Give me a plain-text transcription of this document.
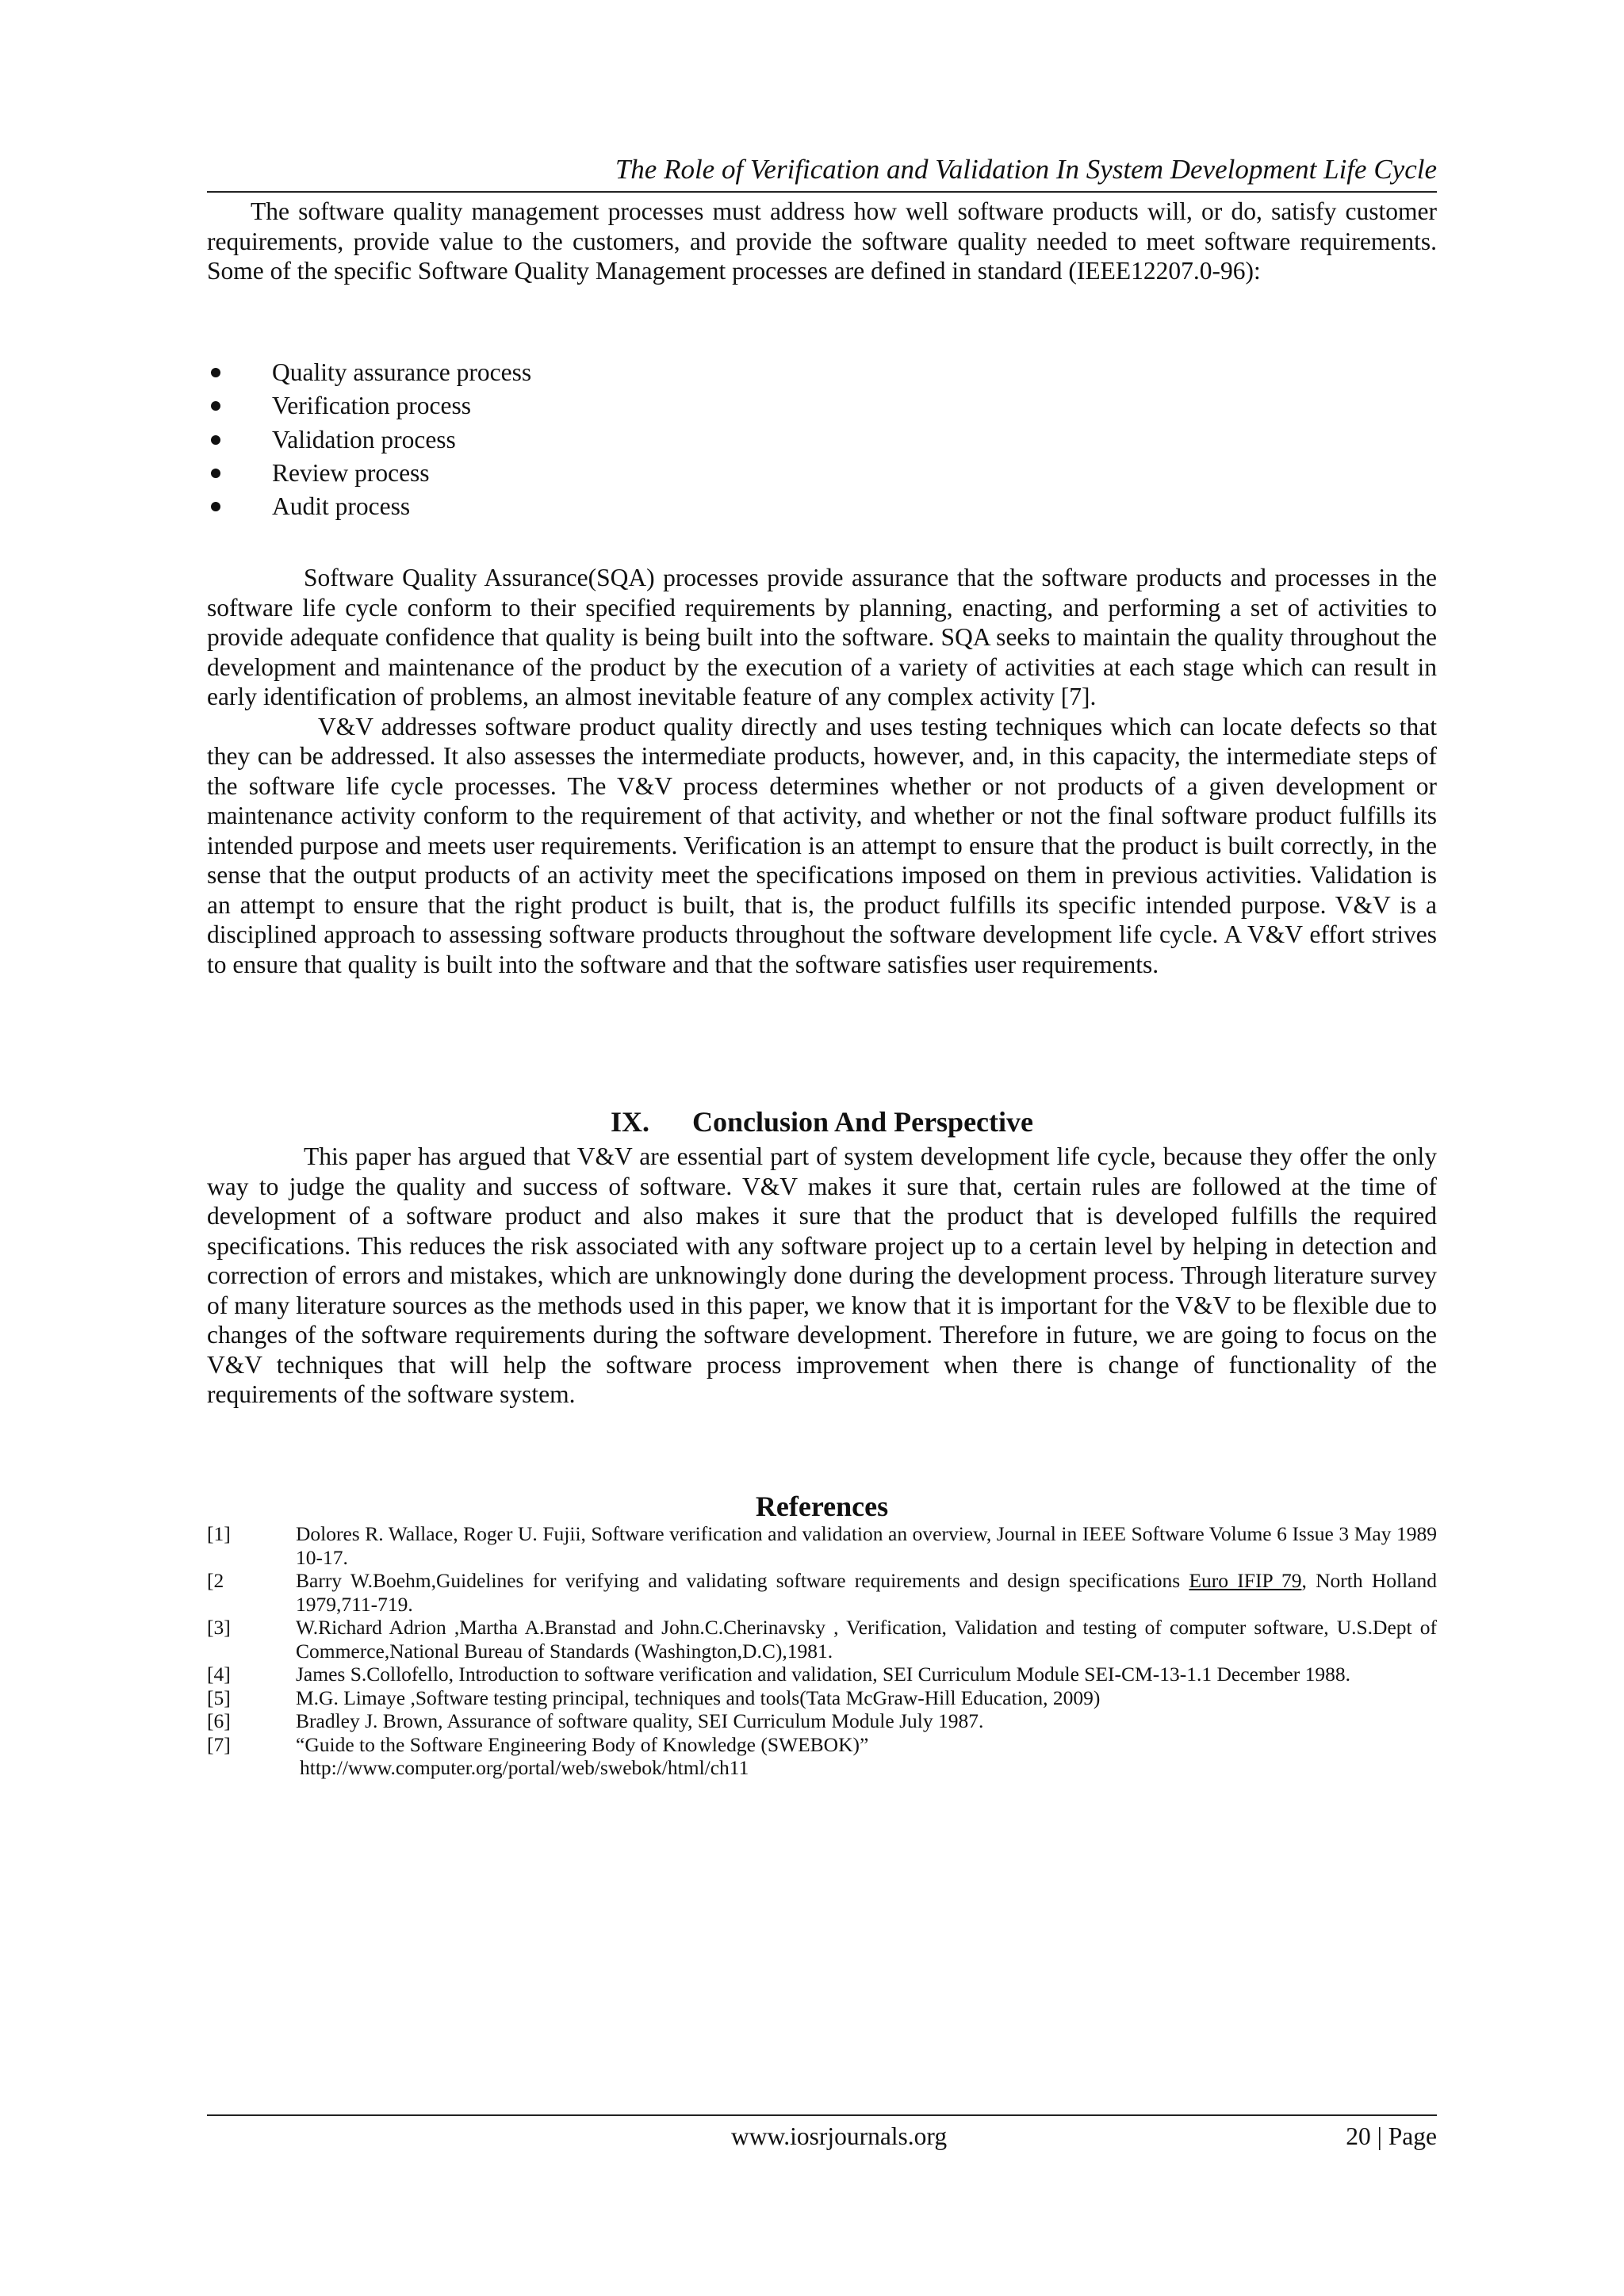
The Role of Verification and Validation In System Development Life Cycle

The software quality management processes must address how well software products will, or do, satisfy customer requirements, provide value to the customers, and provide the software quality needed to meet software requirements. Some of the specific Software Quality Management processes are defined in standard (IEEE12207.0-96):

Quality assurance process
Verification process
Validation process
Review process
Audit process

Software Quality Assurance(SQA) processes provide assurance that the software products and processes in the software life cycle conform to their specified requirements by planning, enacting, and performing a set of activities to provide adequate confidence that quality is being built into the software. SQA seeks to maintain the quality throughout the development and maintenance of the product by the execution of a variety of activities at each stage which can result in early identification of problems, an almost inevitable feature of any complex activity [7].

V&V addresses software product quality directly and uses testing techniques which can locate defects so that they can be addressed. It also assesses the intermediate products, however, and, in this capacity, the intermediate steps of the software life cycle processes. The V&V process determines whether or not products of a given development or maintenance activity conform to the requirement of that activity, and whether or not the final software product fulfills its intended purpose and meets user requirements. Verification is an attempt to ensure that the product is built correctly, in the sense that the output products of an activity meet the specifications imposed on them in previous activities. Validation is an attempt to ensure that the right product is built, that is, the product fulfills its specific intended purpose. V&V is a disciplined approach to assessing software products throughout the software development life cycle. A V&V effort strives to ensure that quality is built into the software and that the software satisfies user requirements.

IX.      Conclusion And Perspective

This paper has argued that V&V are essential part of system development life cycle, because they offer the only way to judge the quality and success of software. V&V makes it sure that, certain rules are followed at the time of development of a software product and also makes it sure that the product that is developed fulfills the required specifications. This reduces the risk associated with any software project up to a certain level by helping in detection and correction of errors and mistakes, which are unknowingly done during the development process. Through literature survey of many literature sources as the methods used in this paper, we know that it is important for the V&V to be flexible due to changes of the software requirements during the software development. Therefore in future, we are going to focus on the V&V techniques that will help the software process improvement when there is change of functionality of the requirements of the software system.

References
[1]	Dolores R. Wallace, Roger U. Fujii, Software verification and validation an overview, Journal in IEEE Software Volume 6 Issue 3 May 1989 10-17.
[2	Barry W.Boehm,Guidelines for verifying and validating software requirements and design specifications Euro IFIP 79, North Holland 1979,711-719.
[3]	W.Richard Adrion ,Martha A.Branstad and John.C.Cherinavsky , Verification, Validation and testing of computer software, U.S.Dept of Commerce,National Bureau of Standards (Washington,D.C),1981.
[4]	James S.Collofello, Introduction to software verification and validation, SEI Curriculum Module SEI-CM-13-1.1 December 1988.
[5]	M.G. Limaye ,Software testing principal, techniques and tools(Tata McGraw-Hill Education, 2009)
[6]	Bradley J. Brown, Assurance of software quality, SEI Curriculum Module July 1987.
[7]	“Guide to the Software Engineering Body of Knowledge (SWEBOK)”
http://www.computer.org/portal/web/swebok/html/ch11
www.iosrjournals.org	20 | Page
